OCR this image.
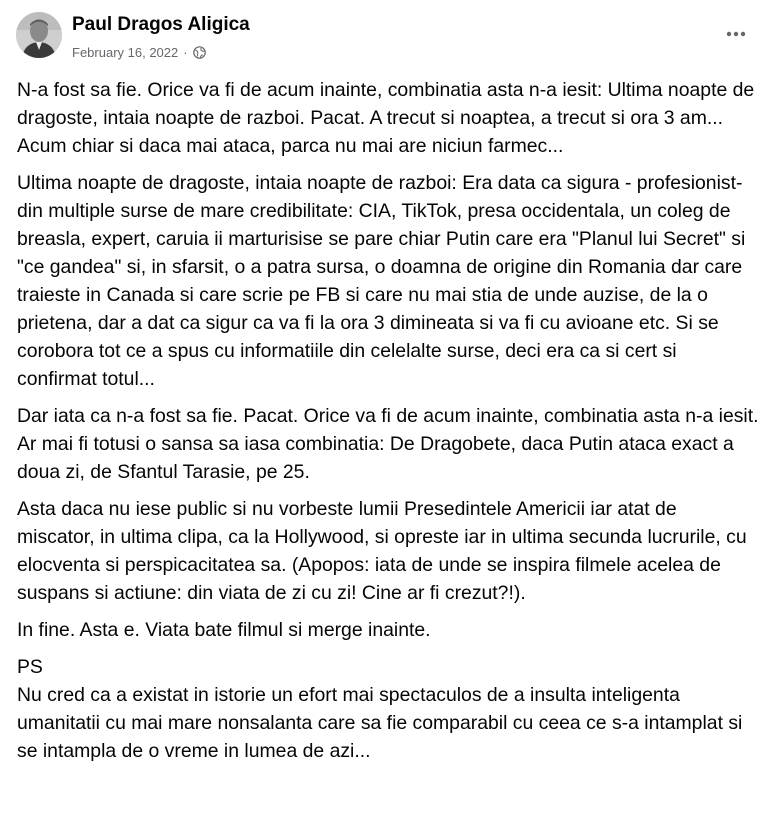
Paul Dragos Aligica
February 16, 2022 ·

N-a fost sa fie. Orice va fi de acum inainte, combinatia asta n-a iesit: Ultima noapte de dragoste, intaia noapte de razboi. Pacat. A trecut si noaptea, a trecut si ora 3 am... Acum chiar si daca mai ataca, parca nu mai are niciun farmec...

Ultima noapte de dragoste, intaia noapte de razboi: Era data ca sigura - profesionist- din multiple surse de mare credibilitate: CIA, TikTok, presa occidentala, un coleg de breasla, expert, caruia ii marturisise se pare chiar Putin care era "Planul lui Secret" si "ce gandea" si, in sfarsit, o a patra sursa, o doamna de origine din Romania dar care traieste in Canada si care scrie pe FB si care nu mai stia de unde auzise, de la o prietena, dar a dat ca sigur ca va fi la ora 3 dimineata si va fi cu avioane etc. Si se corobora tot ce a spus cu informatiile din celelalte surse, deci era ca si cert si confirmat totul...

Dar iata ca n-a fost sa fie. Pacat. Orice va fi de acum inainte, combinatia asta n-a iesit. Ar mai fi totusi o sansa sa iasa combinatia: De Dragobete, daca Putin ataca exact a doua zi, de Sfantul Tarasie, pe 25.

Asta daca nu iese public si nu vorbeste lumii Presedintele Americii iar atat de miscator, in ultima clipa, ca la Hollywood, si opreste iar in ultima secunda lucrurile, cu elocventa si perspicacitatea sa. (Apopos: iata de unde se inspira filmele acelea de suspans si actiune: din viata de zi cu zi! Cine ar fi crezut?!).

In fine. Asta e. Viata bate filmul si merge inainte.

PS

Nu cred ca a existat in istorie un efort mai spectaculos de a insulta inteligenta umanitatii cu mai mare nonsalanta care sa fie comparabil cu ceea ce s-a intamplat si se intampla de o vreme in lumea de azi...
